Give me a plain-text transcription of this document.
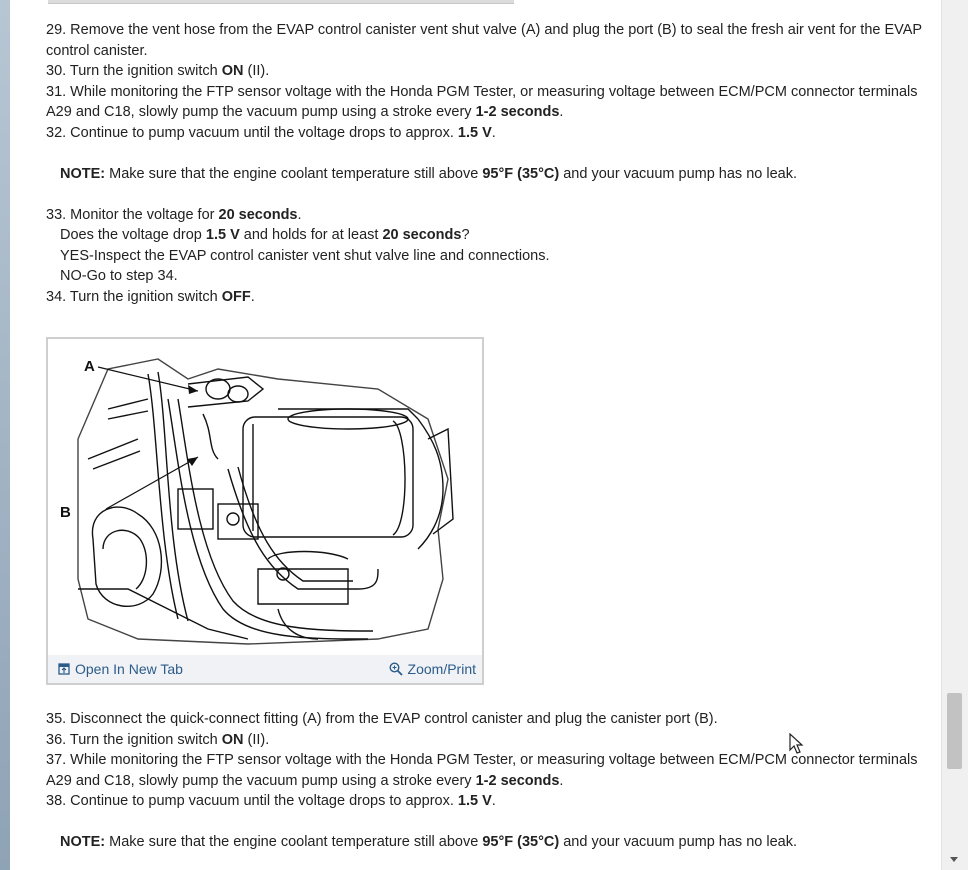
29. Remove the vent hose from the EVAP control canister vent shut valve (A) and plug the port (B) to seal the fresh air vent for the EVAP control canister.

30. Turn the ignition switch ON (II).

31. While monitoring the FTP sensor voltage with the Honda PGM Tester, or measuring voltage between ECM/PCM connector terminals A29 and C18, slowly pump the vacuum pump using a stroke every 1-2 seconds.

32. Continue to pump vacuum until the voltage drops to approx. 1.5 V.

NOTE: Make sure that the engine coolant temperature still above 95°F (35°C) and your vacuum pump has no leak.

33. Monitor the voltage for 20 seconds.

Does the voltage drop 1.5 V and holds for at least 20 seconds?

YES-Inspect the EVAP control canister vent shut valve line and connections.

NO-Go to step 34.

34. Turn the ignition switch OFF.

A
B
Open In New Tab	Zoom/Print

35. Disconnect the quick-connect fitting (A) from the EVAP control canister and plug the canister port (B).

36. Turn the ignition switch ON (II).

37. While monitoring the FTP sensor voltage with the Honda PGM Tester, or measuring voltage between ECM/PCM connector terminals A29 and C18, slowly pump the vacuum pump using a stroke every 1-2 seconds.

38. Continue to pump vacuum until the voltage drops to approx. 1.5 V.

NOTE: Make sure that the engine coolant temperature still above 95°F (35°C) and your vacuum pump has no leak.
